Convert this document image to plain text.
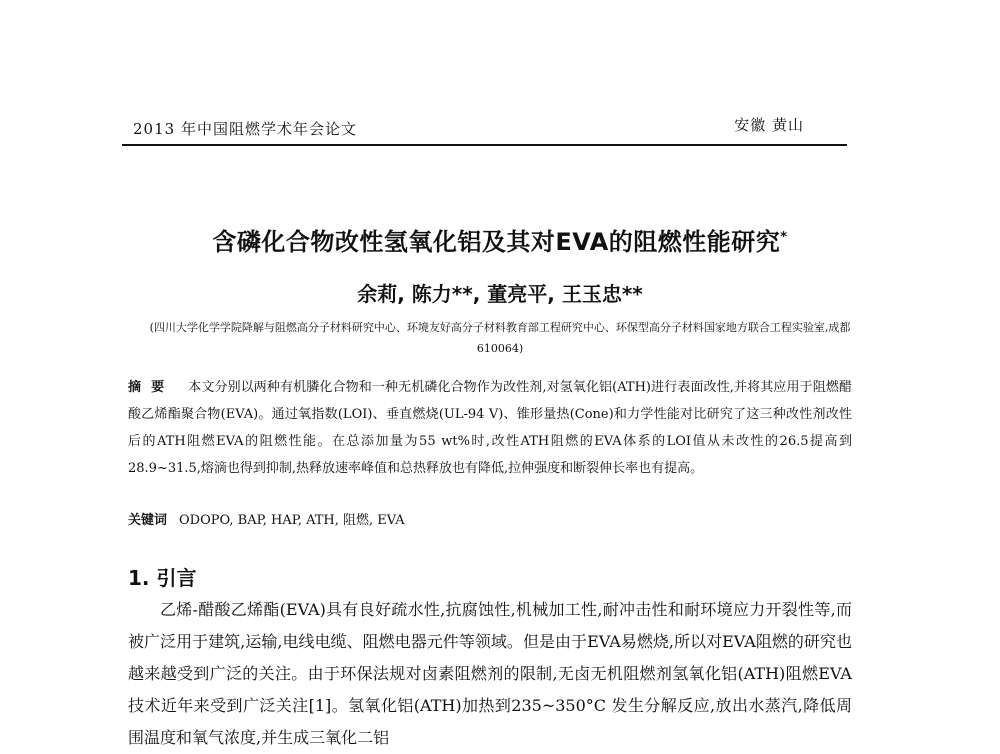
2013 年中国阻燃学术年会论文	安徽 黄山
含磷化合物改性氢氧化铝及其对EVA的阻燃性能研究*
余莉, 陈力**, 董亮平, 王玉忠**
(四川大学化学学院降解与阻燃高分子材料研究中心、环境友好高分子材料教育部工程研究中心、环保型高分子材料国家地方联合工程实验室,成都 610064)
摘要 本文分别以两种有机膦化合物和一种无机磷化合物作为改性剂,对氢氧化铝(ATH)进行表面改性,并将其应用于阻燃醋酸乙烯酯聚合物(EVA)。通过氧指数(LOI)、垂直燃烧(UL-94 V)、锥形量热(Cone)和力学性能对比研究了这三种改性剂改性后的ATH阻燃EVA的阻燃性能。在总添加量为55 wt%时,改性ATH阻燃的EVA体系的LOI值从未改性的26.5提高到28.9~31.5,熔滴也得到抑制,热释放速率峰值和总热释放也有降低,拉伸强度和断裂伸长率也有提高。
关键词 ODOPO, BAP, HAP, ATH, 阻燃, EVA
1. 引言
乙烯-醋酸乙烯酯(EVA)具有良好疏水性,抗腐蚀性,机械加工性,耐冲击性和耐环境应力开裂性等,而被广泛用于建筑,运输,电线电缆、阻燃电器元件等领域。但是由于EVA易燃烧,所以对EVA阻燃的研究也越来越受到广泛的关注。由于环保法规对卤素阻燃剂的限制,无卤无机阻燃剂氢氧化铝(ATH)阻燃EVA技术近年来受到广泛关注[1]。氢氧化铝(ATH)加热到235~350°C 发生分解反应,放出水蒸汽,降低周围温度和氧气浓度,并生成三氧化二铝
